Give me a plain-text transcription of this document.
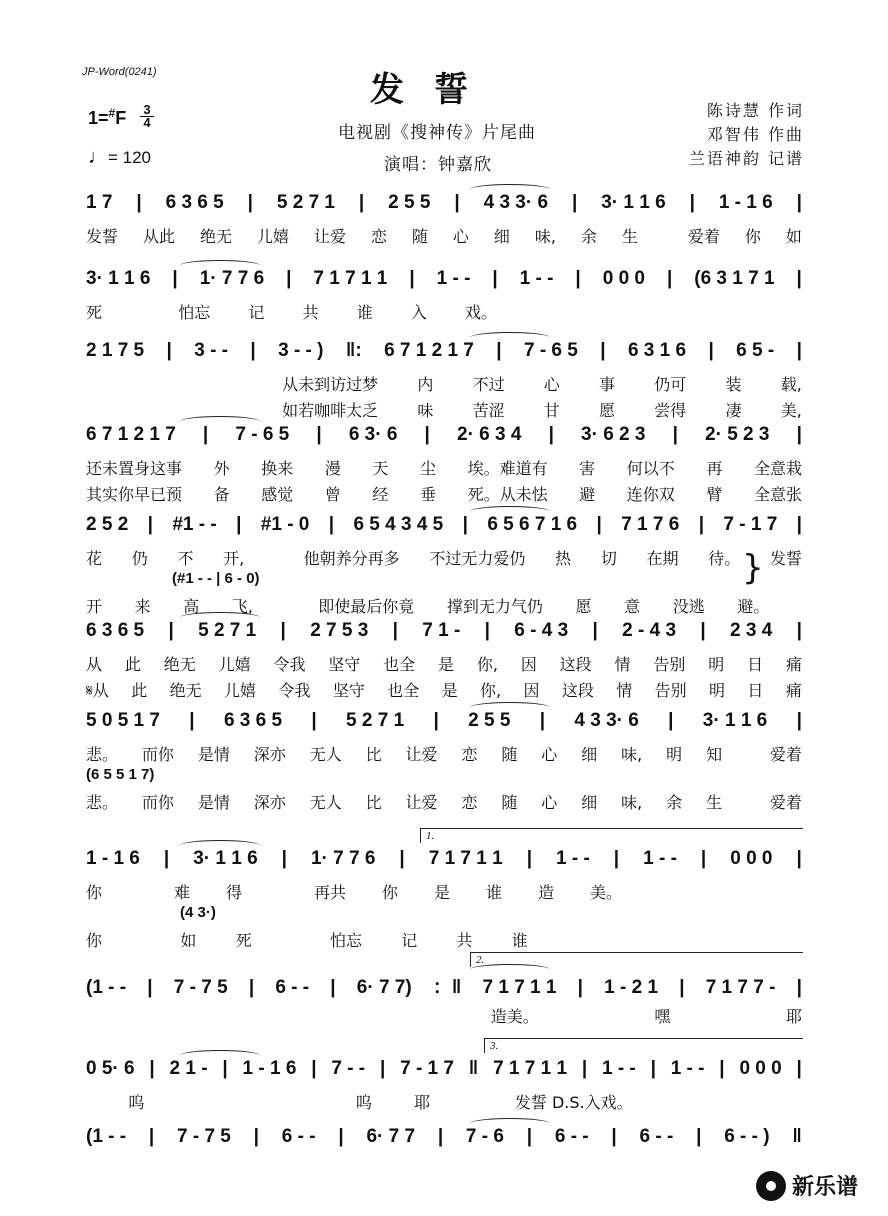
JP-Word(0241)	发誓
电视剧《搜神传》片尾曲
演唱：钟嘉欣
陈诗慧 作词
邓智伟 作曲
兰语神韵 记谱
1=#F 3
4
♩= 120
1 7 | 6 3 6 5 | 5 2 7 1 | 2 5 5 | 4 3 3· 6 | 3· 1 1 6 | 1 - 1 6 |
发誓 从此 绝无 儿嬉 让爱 恋 随 心 细 味, 余 生	爱着 你 如
3· 1 1 6 | 1· 7 7 6 | 7 1 7 1 1 | 1 - - | 1 - - | 0 0 0 | (6 3 1 7 1 |
死	怕忘 记 共 谁 入 戏。
2 1 7 5 | 3 - - | 3 - - ) ‖: 6 7 1 2 1 7 | 7 - 6 5 | 6 3 1 6 | 6 5 - |
从未到访过梦 内 不过 心 事 仍可 装 载,
如若咖啡太乏 味 苦涩 甘 愿 尝得 凄 美,
6 7 1 2 1 7 | 7 - 6 5 | 6 3· 6 | 2· 6 3 4 | 3· 6 2 3 | 2· 5 2 3 |
还未置身这事 外 换来 漫 天 尘 埃。难道有 害 何以不 再 全意栽
其实你早已预 备 感觉 曾 经 垂 死。从未怯 避 连你双 臂 全意张
2 5 2 | #1 - - | #1 - 0 | 6 5 4 3 4 5 | 6 5 6 7 1 6 | 7 1 7 6 | 7 - 1 7 |
花 仍 不 开,	他朝养分再多 不过无力爱仍 热 切 在期 待。 发誓
(#1 - - | 6 - 0)
开 来 高 飞,	即使最后你竟 撑到无力气仍 愿 意 没逃 避。
6 3 6 5 | 5 2 7 1 | 2 7 5 3 | 7 1 - | 6 - 4 3 | 2 - 4 3 | 2 3 4 |
从 此 绝无 儿嬉 令我 坚守 也全 是 你, 因 这段 情 告别 明 日 痛
𝄋从 此 绝无 儿嬉 令我 坚守 也全 是 你, 因 这段 情 告别 明 日 痛
5 0 5 1 7 | 6 3 6 5 | 5 2 7 1 | 2 5 5 | 4 3 3· 6 | 3· 1 1 6 |
悲。 而你 是情 深亦 无人 比 让爱 恋 随 心 细 味, 明 知	爱着
(6 5 5 1 7)
悲。 而你 是情 深亦 无人 比 让爱 恋 随 心 细 味, 余 生	爱着
1.
1 - 1 6 | 3· 1 1 6 | 1· 7 7 6 | 7 1 7 1 1 | 1 - - | 1 - - | 0 0 0 |
你	难 得	再共 你 是 谁 造 美。
(4 3·)
你	如 死	怕忘 记 共 谁
2.
(1 - - | 7 - 7 5 | 6 - - | 6· 7 7) ：‖ 7 1 7 1 1 | 1 - 2 1 | 7 1 7 7 - |
造美。	嘿	耶
3.
0 5· 6 | 2 1 - | 1 - 1 6 | 7 - - | 7 - 1 7 ‖ 7 1 7 1 1 | 1 - - | 1 - - | 0 0 0 |
呜	呜	耶	发誓 D.S.入戏。
(1 - - | 7 - 7 5 | 6 - - | 6· 7 7 | 7 - 6 | 6 - - | 6 - - | 6 - - ) ‖
}
新乐谱
